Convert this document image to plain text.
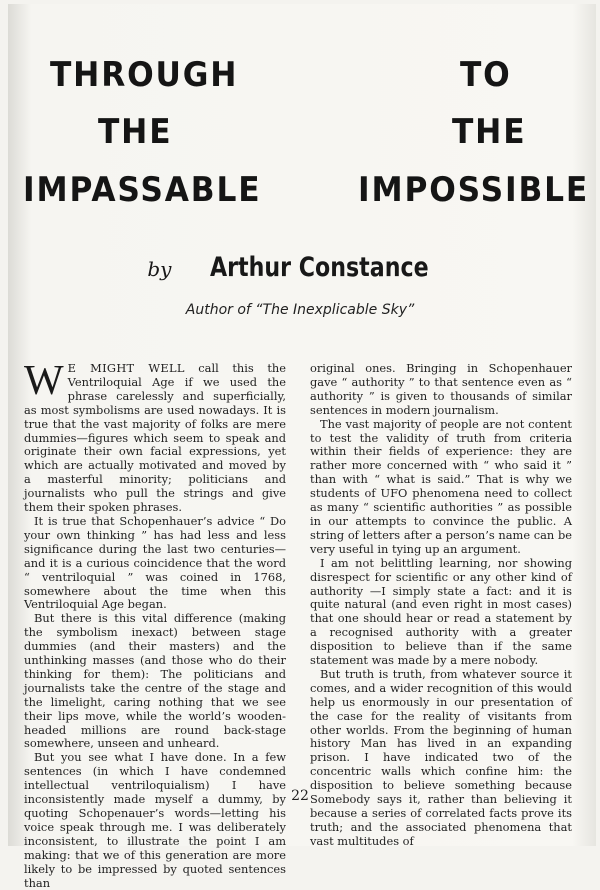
THROUGH
THE
IMPASSABLE
TO
THE
IMPOSSIBLE
by Arthur Constance
Author of “The Inexplicable Sky”

W E MIGHT WELL call this the Ventriloquial Age if we used the phrase carelessly and superficially, as most symbolisms are used nowadays. It is true that the vast majority of folks are mere dummies—figures which seem to speak and originate their own facial expressions, yet which are actually motivated and moved by a masterful minority; politicians and journalists who pull the strings and give them their spoken phrases.

It is true that Schopenhauer’s advice “ Do your own thinking ” has had less and less significance during the last two centuries—and it is a curious coincidence that the word “ ventriloquial ” was coined in 1768, somewhere about the time when this Ventriloquial Age began.

But there is this vital difference (making the symbolism inexact) between stage dummies (and their masters) and the unthinking masses (and those who do their thinking for them): The politicians and journalists take the centre of the stage and the limelight, caring nothing that we see their lips move, while the world’s wooden-headed millions are round back-stage somewhere, unseen and unheard.

But you see what I have done. In a few sentences (in which I have condemned intellectual ventriloquialism) I have inconsistently made myself a dummy, by quoting Schopenauer’s words—letting his voice speak through me. I was deliberately inconsistent, to illustrate the point I am making: that we of this generation are more likely to be impressed by quoted sentences than

original ones. Bringing in Schopenhauer gave “ authority ” to that sentence even as “ authority ” is given to thousands of similar sentences in modern journalism.

The vast majority of people are not content to test the validity of truth from criteria within their fields of experience: they are rather more concerned with “ who said it ” than with “ what is said.” That is why we students of UFO phenomena need to collect as many “ scientific authorities ” as possible in our attempts to convince the public. A string of letters after a person’s name can be very useful in tying up an argument.

I am not belittling learning, nor showing disrespect for scientific or any other kind of authority —I simply state a fact: and it is quite natural (and even right in most cases) that one should hear or read a statement by a recognised authority with a greater disposition to believe than if the same statement was made by a mere nobody.

But truth is truth, from whatever source it comes, and a wider recognition of this would help us enormously in our presentation of the case for the reality of visitants from other worlds. From the beginning of human history Man has lived in an expanding prison. I have indicated two of the concentric walls which confine him: the disposition to believe something because Somebody says it, rather than believing it because a series of correlated facts prove its truth; and the associated phenomena that vast multitudes of

22
